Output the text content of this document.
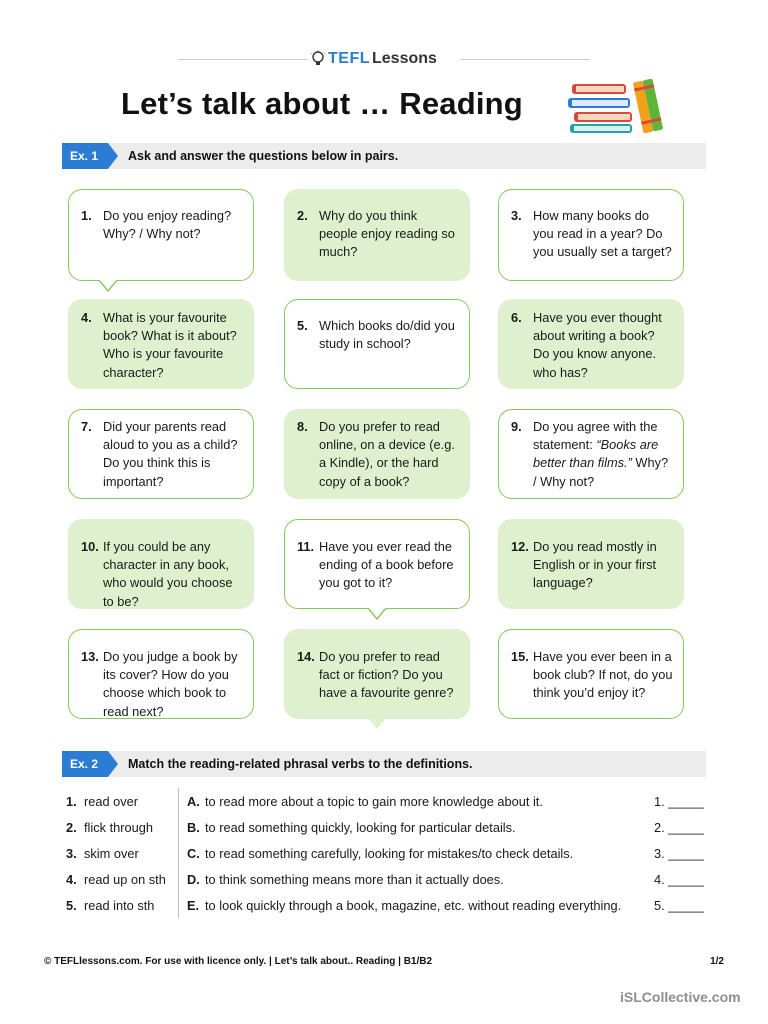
TEFL Lessons
Let’s talk about … Reading
Ex. 1	Ask and answer the questions below in pairs.
1. Do you enjoy reading? Why? / Why not?
2. Why do you think people enjoy reading so much?
3. How many books do you read in a year? Do you usually set a target?
4. What is your favourite book? What is it about? Who is your favourite character?
5. Which books do/did you study in school?
6. Have you ever thought about writing a book? Do you know anyone. who has?
7. Did your parents read aloud to you as a child? Do you think this is important?
8. Do you prefer to read online, on a device (e.g. a Kindle), or the hard copy of a book?
9. Do you agree with the statement: “Books are better than films.” Why? / Why not?
10. If you could be any character in any book, who would you choose to be?
11. Have you ever read the ending of a book before you got to it?
12. Do you read mostly in English or in your first language?
13. Do you judge a book by its cover? How do you choose which book to read next?
14. Do you prefer to read fact or fiction? Do you have a favourite genre?
15. Have you ever been in a book club? If not, do you think you’d enjoy it?
Ex. 2	Match the reading-related phrasal verbs to the definitions.
1. read over	A. to read more about a topic to gain more knowledge about it.	1. _____
2. flick through	B. to read something quickly, looking for particular details.	2. _____
3. skim over	C. to read something carefully, looking for mistakes/to check details.	3. _____
4. read up on sth	D. to think something means more than it actually does.	4. _____
5. read into sth	E. to look quickly through a book, magazine, etc. without reading everything.	5. _____
© TEFLlessons.com. For use with licence only. | Let’s talk about.. Reading | B1/B2	1/2
iSLCollective.com
